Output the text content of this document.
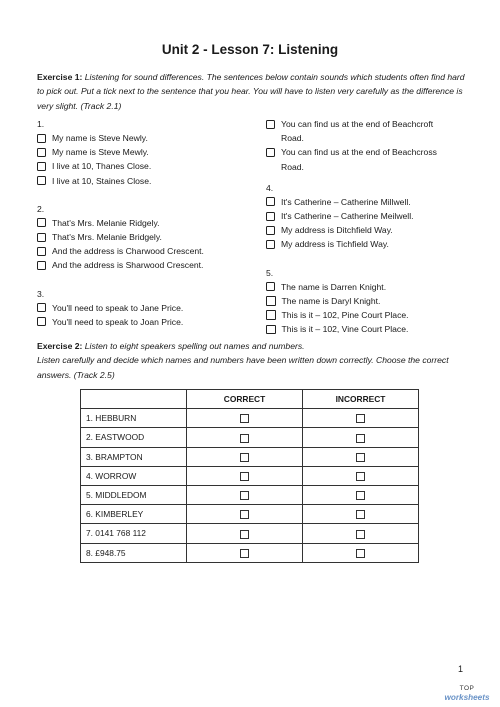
Unit 2 - Lesson 7: Listening
Exercise 1: Listening for sound differences. The sentences below contain sounds which students often find hard to pick out. Put a tick next to the sentence that you hear. You will have to listen very carefully as the difference is very slight. (Track 2.1)
1.
My name is Steve Newly.
My name is Steve Mewly.
I live at 10, Thanes Close.
I live at 10, Staines Close.
2.
That's Mrs. Melanie Ridgely.
That's Mrs. Melanie Bridgely.
And the address is Charwood Crescent.
And the address is Sharwood Crescent.
3.
You'll need to speak to Jane Price.
You'll need to speak to Joan Price.
You can find us at the end of Beachcroft Road.
You can find us at the end of Beachcross Road.
4.
It's Catherine – Catherine Millwell.
It's Catherine – Catherine Meilwell.
My address is Ditchfield Way.
My address is Tichfield Way.
5.
The name is Darren Knight.
The name is Daryl Knight.
This is it – 102, Pine Court Place.
This is it – 102, Vine Court Place.
Exercise 2: Listen to eight speakers spelling out names and numbers.
Listen carefully and decide which names and numbers have been written down correctly. Choose the correct answers. (Track 2.5)
	CORRECT	INCORRECT
1. HEBBURN		
2. EASTWOOD		
3. BRAMPTON		
4. WORROW		
5. MIDDLEDOM		
6. KIMBERLEY		
7. 0141 768 112		
8. £948.75		
1
TOP
worksheets
